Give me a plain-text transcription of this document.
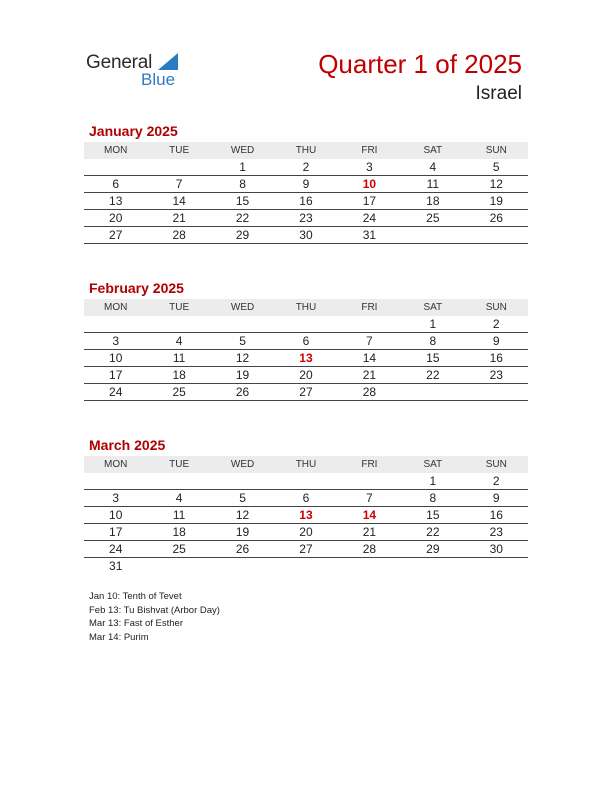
General
Blue
Quarter 1 of 2025
Israel
January 2025
MON	TUE	WED	THU	FRI	SAT	SUN
		1	2	3	4	5
6	7	8	9	10	11	12
13	14	15	16	17	18	19
20	21	22	23	24	25	26
27	28	29	30	31		
February 2025
MON	TUE	WED	THU	FRI	SAT	SUN
					1	2
3	4	5	6	7	8	9
10	11	12	13	14	15	16
17	18	19	20	21	22	23
24	25	26	27	28		
March 2025
MON	TUE	WED	THU	FRI	SAT	SUN
					1	2
3	4	5	6	7	8	9
10	11	12	13	14	15	16
17	18	19	20	21	22	23
24	25	26	27	28	29	30
31						
Jan 10: Tenth of Tevet
Feb 13: Tu Bishvat (Arbor Day)
Mar 13: Fast of Esther
Mar 14: Purim
